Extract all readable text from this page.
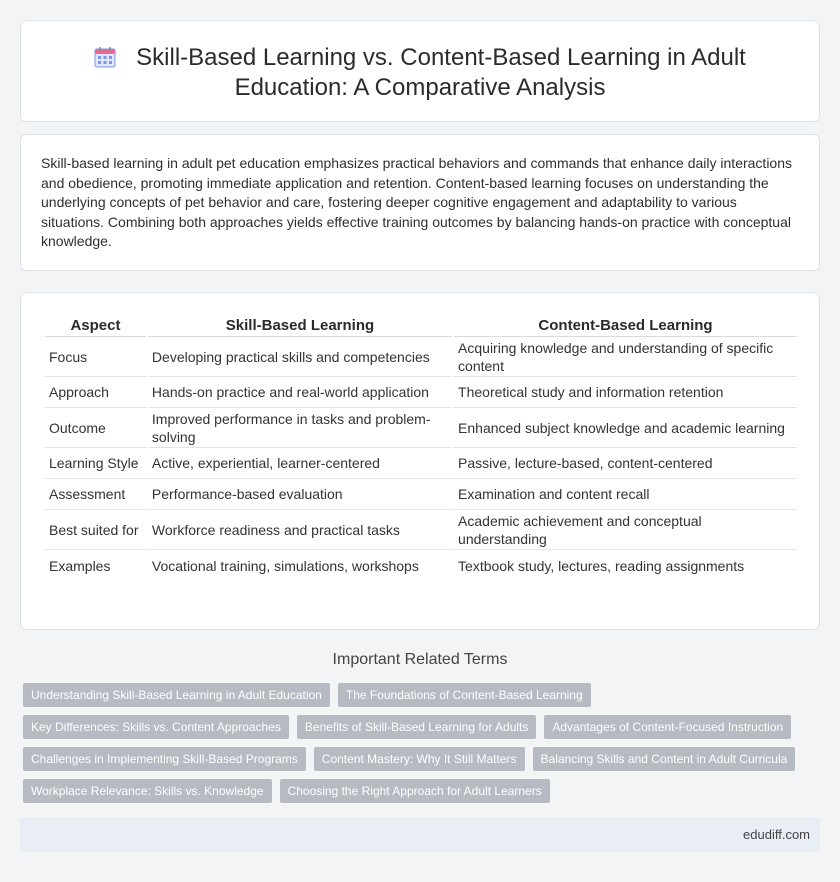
Skill-Based Learning vs. Content-Based Learning in Adult Education: A Comparative Analysis

Skill-based learning in adult pet education emphasizes practical behaviors and commands that enhance daily interactions and obedience, promoting immediate application and retention. Content-based learning focuses on understanding the underlying concepts of pet behavior and care, fostering deeper cognitive engagement and adaptability to various situations. Combining both approaches yields effective training outcomes by balancing hands-on practice with conceptual knowledge.

Aspect	Skill-Based Learning	Content-Based Learning
Focus	Developing practical skills and competencies	Acquiring knowledge and understanding of specific content
Approach	Hands-on practice and real-world application	Theoretical study and information retention
Outcome	Improved performance in tasks and problem-solving	Enhanced subject knowledge and academic learning
Learning Style	Active, experiential, learner-centered	Passive, lecture-based, content-centered
Assessment	Performance-based evaluation	Examination and content recall
Best suited for	Workforce readiness and practical tasks	Academic achievement and conceptual understanding
Examples	Vocational training, simulations, workshops	Textbook study, lectures, reading assignments
Important Related Terms
Understanding Skill-Based Learning in Adult Education	The Foundations of Content-Based Learning
Key Differences: Skills vs. Content Approaches	Benefits of Skill-Based Learning for Adults	Advantages of Content-Focused Instruction
Challenges in Implementing Skill-Based Programs	Content Mastery: Why It Still Matters	Balancing Skills and Content in Adult Curricula
Workplace Relevance: Skills vs. Knowledge	Choosing the Right Approach for Adult Learners
edudiff.com
